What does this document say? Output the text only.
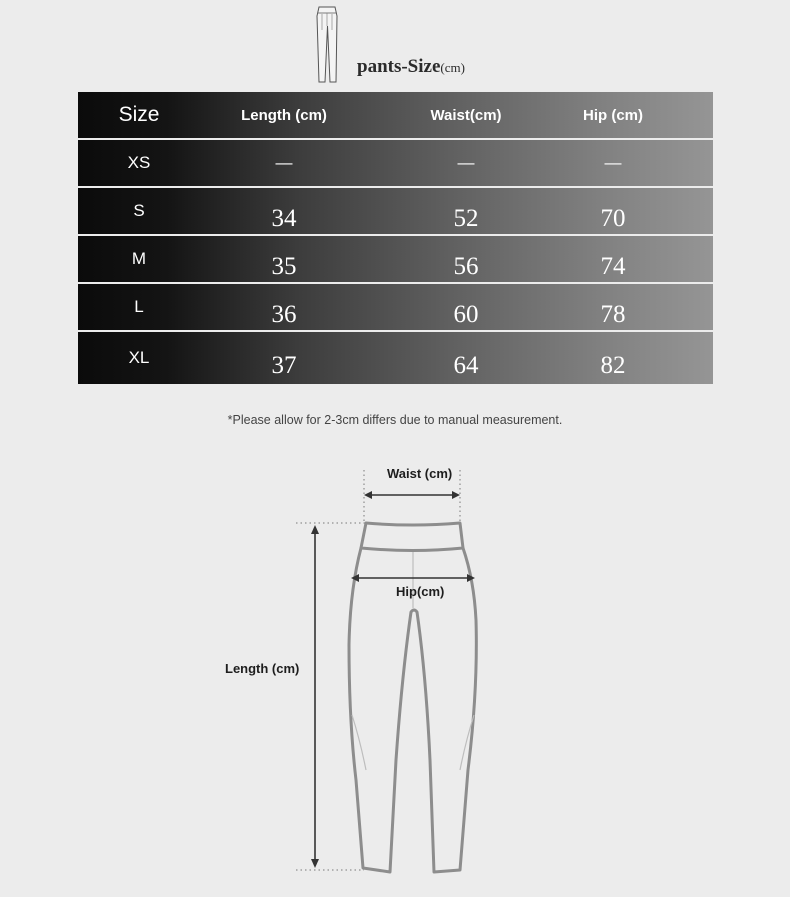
pants-Size(cm)
Size	Length (cm)	Waist(cm)	Hip (cm)
XS	—	—	—
S	34	52	70
M	35	56	74
L	36	60	78
XL	37	64	82
*Please allow for 2-3cm differs due to manual measurement.
Waist (cm)
Hip(cm)
Length (cm)
